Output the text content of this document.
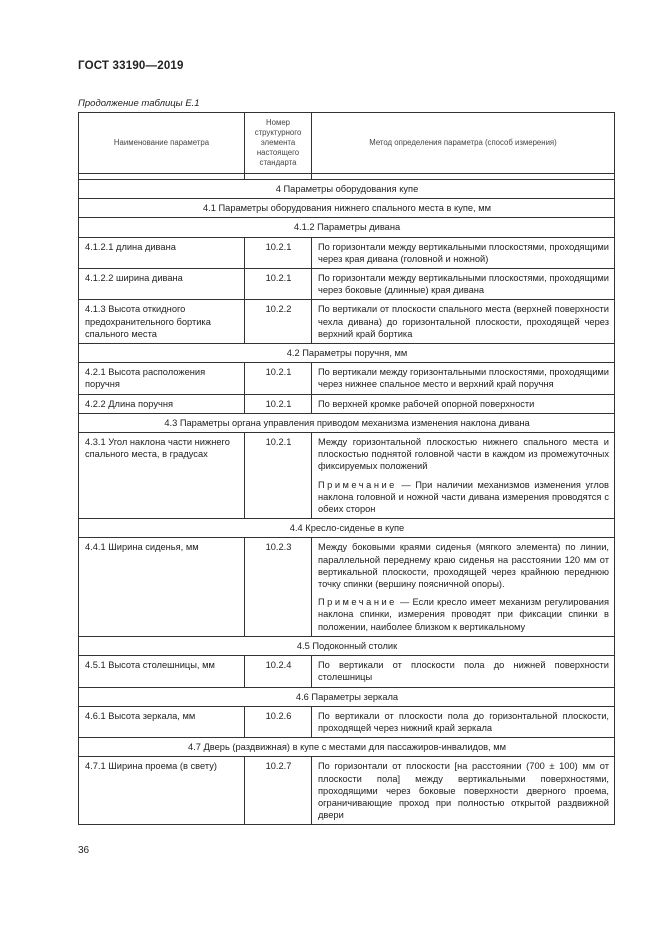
ГОСТ 33190—2019
Продолжение таблицы Е.1
Наименование параметра	Номер структурного элемента настоящего стандарта	Метод определения параметра (способ измерения)

4 Параметры оборудования купе		
4.1 Параметры оборудования нижнего спального места в купе, мм		
4.1.2 Параметры дивана		
4.1.2.1 длина дивана	10.2.1	По горизонтали между вертикальными плоскостями, проходящими через края дивана (головной и ножной)
4.1.2.2 ширина дивана	10.2.1	По горизонтали между вертикальными плоскостями, проходящими через боковые (длинные) края дивана
4.1.3 Высота откидного предохранительного бортика спального места	10.2.2	По вертикали от плоскости спального места (верхней поверхности чехла дивана) до горизонтальной плоскости, проходящей через верхний край бортика
4.2 Параметры поручня, мм		
4.2.1 Высота расположения поручня	10.2.1	По вертикали между горизонтальными плоскостями, проходящими через нижнее спальное место и верхний край поручня
4.2.2 Длина поручня	10.2.1	По верхней кромке рабочей опорной поверхности
4.3 Параметры органа управления приводом механизма изменения наклона дивана		
4.3.1 Угол наклона части нижнего спального места, в градусах	10.2.1	Между горизонтальной плоскостью нижнего спального места и плоскостью поднятой головной части в каждом из промежуточных фиксируемых положений
Примечание — При наличии механизмов изменения углов наклона головной и ножной части дивана измерения проводятся с обеих сторон

4.4 Кресло-сиденье в купе		
4.4.1 Ширина сиденья, мм	10.2.3	Между боковыми краями сиденья (мягкого элемента) по линии, параллельной переднему краю сиденья на расстоянии 120 мм от вертикальной плоскости, проходящей через крайнюю переднюю точку спинки (вершину поясничной опоры).
Примечание — Если кресло имеет механизм регулирования наклона спинки, измерения проводят при фиксации спинки в положении, наиболее близком к вертикальному

4.5 Подоконный столик		
4.5.1 Высота столешницы, мм	10.2.4	По вертикали от плоскости пола до нижней поверхности столешницы
4.6 Параметры зеркала		
4.6.1 Высота зеркала, мм	10.2.6	По вертикали от плоскости пола до горизонтальной плоскости, проходящей через нижний край зеркала
4.7 Дверь (раздвижная) в купе с местами для пассажиров-инвалидов, мм		
4.7.1 Ширина проема (в свету)	10.2.7	По горизонтали от плоскости [на расстоянии (700 ± 100) мм от плоскости пола] между вертикальными поверхностями, проходящими через боковые поверхности дверного проема, ограничивающие проход при полностью открытой раздвижной двери
36
